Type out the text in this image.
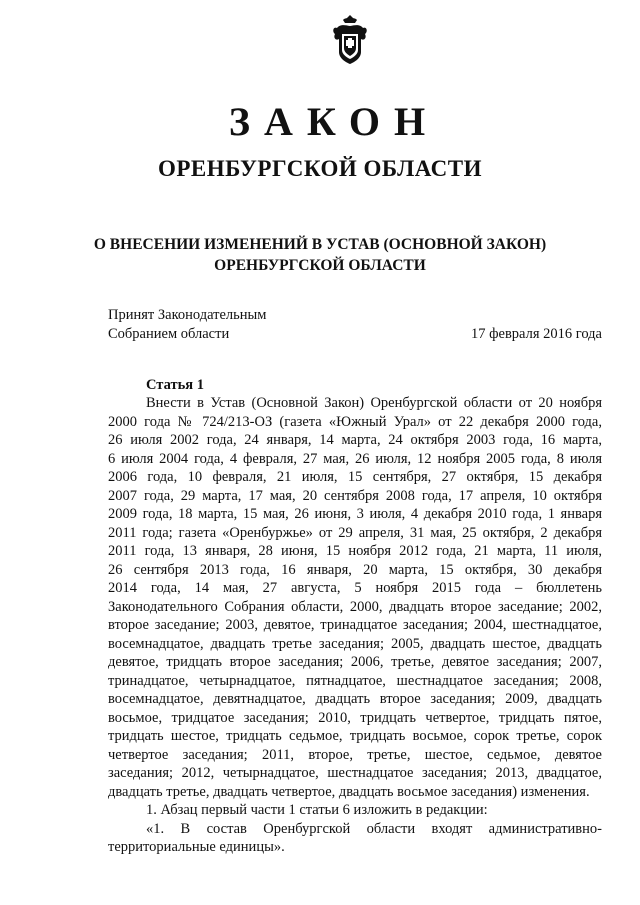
ЗАКОН
ОРЕНБУРГСКОЙ ОБЛАСТИ
О ВНЕСЕНИИ ИЗМЕНЕНИЙ В УСТАВ (ОСНОВНОЙ ЗАКОН)
ОРЕНБУРГСКОЙ ОБЛАСТИ
Принят Законодательным
Собранием области	17 февраля 2016 года
Статья 1

Внести в Устав (Основной Закон) Оренбургской области от 20 ноября
2000 года № 724/213-ОЗ (газета «Южный Урал» от 22 декабря 2000 года,
26 июля 2002 года, 24 января, 14 марта, 24 октября 2003 года, 16 марта,
6 июля 2004 года, 4 февраля, 27 мая, 26 июля, 12 ноября 2005 года, 8 июля
2006 года, 10 февраля, 21 июля, 15 сентября, 27 октября, 15 декабря
2007 года, 29 марта, 17 мая, 20 сентября 2008 года, 17 апреля, 10 октября
2009 года, 18 марта, 15 мая, 26 июня, 3 июля, 4 декабря 2010 года, 1 января
2011 года; газета «Оренбуржье» от 29 апреля, 31 мая, 25 октября, 2 декабря
2011 года, 13 января, 28 июня, 15 ноября 2012 года, 21 марта, 11 июля,
26 сентября 2013 года, 16 января, 20 марта, 15 октября, 30 декабря
2014 года, 14 мая, 27 августа, 5 ноября 2015 года – бюллетень
Законодательного Собрания области, 2000, двадцать второе заседание; 2002,
второе заседание; 2003, девятое, тринадцатое заседания; 2004, шестнадцатое,
восемнадцатое, двадцать третье заседания; 2005, двадцать шестое, двадцать
девятое, тридцать второе заседания; 2006, третье, девятое заседания; 2007,
тринадцатое, четырнадцатое, пятнадцатое, шестнадцатое заседания; 2008,
восемнадцатое, девятнадцатое, двадцать второе заседания; 2009, двадцать
восьмое, тридцатое заседания; 2010, тридцать четвертое, тридцать пятое,
тридцать шестое, тридцать седьмое, тридцать восьмое, сорок третье, сорок
четвертое заседания; 2011, второе, третье, шестое, седьмое, девятое
заседания; 2012, четырнадцатое, шестнадцатое заседания; 2013, двадцатое,
двадцать третье, двадцать четвертое, двадцать восьмое заседания) изменения.
1. Абзац первый части 1 статьи 6 изложить в редакции:
«1. В состав Оренбургской области входят административно-
территориальные единицы».
